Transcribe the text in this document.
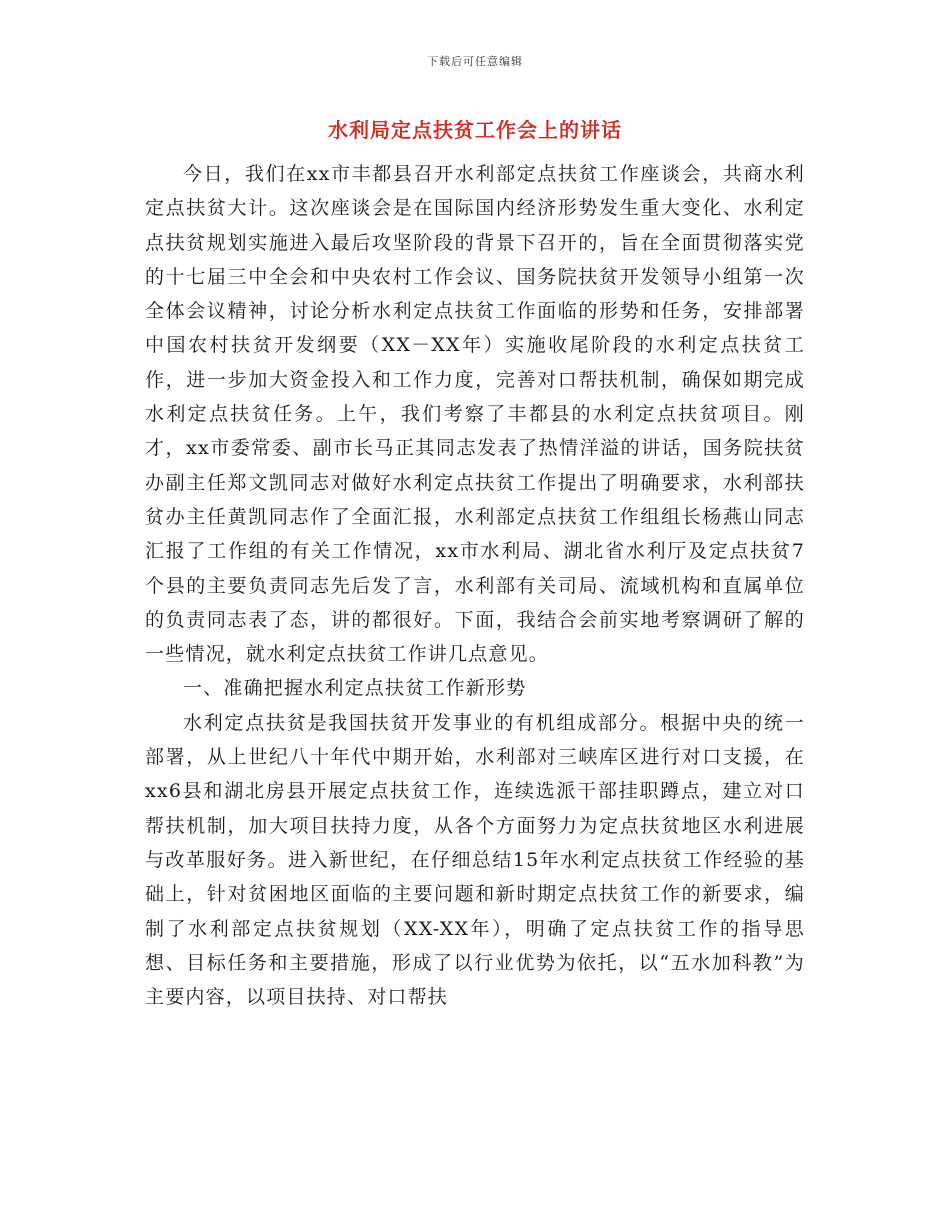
下载后可任意编辑
水利局定点扶贫工作会上的讲话

今日，我们在xx市丰都县召开水利部定点扶贫工作座谈会，共商水利定点扶贫大计。这次座谈会是在国际国内经济形势发生重大变化、水利定点扶贫规划实施进入最后攻坚阶段的背景下召开的，旨在全面贯彻落实党的十七届三中全会和中央农村工作会议、国务院扶贫开发领导小组第一次全体会议精神，讨论分析水利定点扶贫工作面临的形势和任务，安排部署中国农村扶贫开发纲要（XX－XX年）实施收尾阶段的水利定点扶贫工作，进一步加大资金投入和工作力度，完善对口帮扶机制，确保如期完成水利定点扶贫任务。上午，我们考察了丰都县的水利定点扶贫项目。刚才，xx市委常委、副市长马正其同志发表了热情洋溢的讲话，国务院扶贫办副主任郑文凯同志对做好水利定点扶贫工作提出了明确要求，水利部扶贫办主任黄凯同志作了全面汇报，水利部定点扶贫工作组组长杨燕山同志汇报了工作组的有关工作情况，xx市水利局、湖北省水利厅及定点扶贫7个县的主要负责同志先后发了言，水利部有关司局、流域机构和直属单位的负责同志表了态，讲的都很好。下面，我结合会前实地考察调研了解的一些情况，就水利定点扶贫工作讲几点意见。

一、准确把握水利定点扶贫工作新形势

水利定点扶贫是我国扶贫开发事业的有机组成部分。根据中央的统一部署，从上世纪八十年代中期开始，水利部对三峡库区进行对口支援，在xx6县和湖北房县开展定点扶贫工作，连续选派干部挂职蹲点，建立对口帮扶机制，加大项目扶持力度，从各个方面努力为定点扶贫地区水利进展与改革服好务。进入新世纪，在仔细总结15年水利定点扶贫工作经验的基础上，针对贫困地区面临的主要问题和新时期定点扶贫工作的新要求，编制了水利部定点扶贫规划（XX-XX年），明确了定点扶贫工作的指导思想、目标任务和主要措施，形成了以行业优势为依托，以“五水加科教”为主要内容，以项目扶持、对口帮扶
